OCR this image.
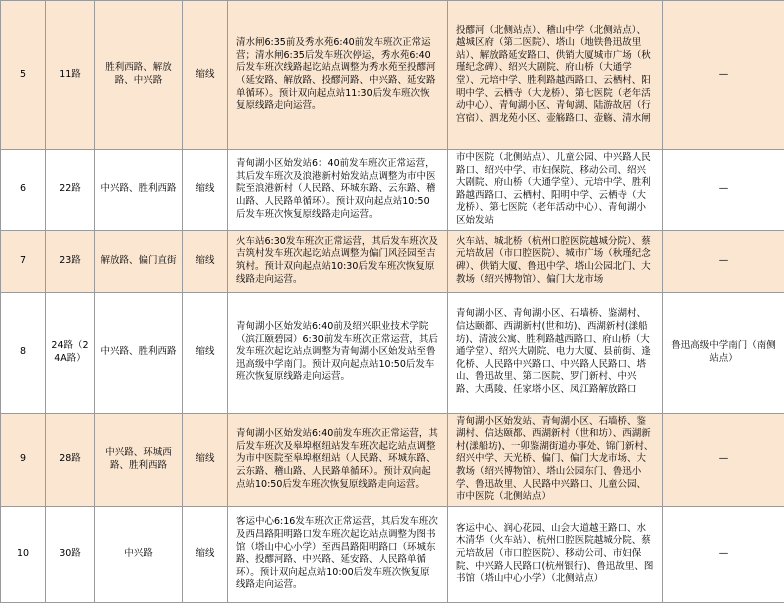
5	11路	胜利西路、解放路、中兴路	缩线	清水闸6:35前及秀水苑6:40前发车班次正常运营；清水闸6:35后发车班次停运，秀水苑6:40后发车班次线路起讫站点调整为秀水苑至投醪河（延安路、解放路、投醪河路、中兴路、延安路单循环）。预计双向起点站11:30后发车班次恢复原线路走向运营。	投醪河（北侧站点）、稽山中学（北侧站点）、越城区府（第二医院）、塔山（地铁鲁迅故里站）、解放路延安路口、供销大厦城市广场（秋瑾纪念碑）、绍兴大剧院、府山桥（大通学堂）、元培中学、胜利路越西路口、云栖村、阳明中学、云栖寺（大龙桥）、第七医院（老年活动中心）、青甸湖小区、青甸湖、陆游故居（行宫宿）、泗龙苑小区、壶觞路口、壶觞、清水闸	—
6	22路	中兴路、胜利西路	缩线	青甸湖小区始发站6：40前发车班次正常运营，其后发车班次及浪港新村始发站点调整为市中医院至浪港新村（人民路、环城东路、云东路、稽山路、人民路单循环）。预计双向起点站10:50后发车班次恢复原线路走向运营。	市中医院（北侧站点）、儿童公园、中兴路人民路口、绍兴中学、市妇保院、移动公司、绍兴大剧院、府山桥（大通学堂）、元培中学、胜利路越西路口、云栖村、阳明中学、云栖寺（大龙桥）、第七医院（老年活动中心）、青甸湖小区始发站	—
7	23路	解放路、偏门直街	缩线	火车站6:30发车班次正常运营，其后发车班次及吉筑村发车班次起讫站点调整为偏门风泾园至吉筑村。预计双向起点站10:30后发车班次恢复原线路走向运营。	火车站、城北桥（杭州口腔医院越城分院）、蔡元培故居（市口腔医院）、城市广场（秋瑾纪念碑）、供销大厦、鲁迅中学、塔山公园北门、大教场（绍兴博物馆）、偏门大龙市场	—
8	24路（24A路）	中兴路、胜利西路	缩线	青甸湖小区始发站6:40前及绍兴职业技术学院（滨江颐碧园）6:30前发车班次正常运营，其后发车班次起讫站点调整为青甸湖小区始发站至鲁迅高级中学南门。预计双向起点站10:50后发车班次恢复原线路走向运营。	青甸湖小区、青甸湖小区、石墙桥、鉴湖村、信达颐都、西湖新村(世和坊)、西湖新村(漾船坊)、清波公寓、胜利路越西路口、府山桥（大通学堂）、绍兴大剧院、电力大厦、县前街、逢化桥、人民路中兴路口、中兴路人民路口、塔山、鲁迅故里、第二医院、罗门新村、中兴路、大禹陵、任家塔小区、凤江路解放路口	鲁迅高级中学南门（南侧站点）
9	28路	中兴路、环城西路、胜利西路	缩线	青甸湖小区始发站6:40前发车班次正常运营，其后发车班次及皋埠枢纽站发车班次起讫站点调整为市中医院至皋埠枢纽站（人民路、环城东路、云东路、稽山路、人民路单循环）。预计双向起点站10:50后发车班次恢复原线路走向运营。	青甸湖小区始发站、青甸湖小区、石墙桥、鉴湖村、信达颐都、西湖新村（世和坊）、西湖新村(漾船坊)、一卯鉴湖街道办事处、锦门新村、绍兴中学、天光桥、偏门、偏门大龙市场、大教场（绍兴博物馆）、塔山公园东门、鲁迅小学、鲁迅故里、人民路中兴路口、儿童公园、市中医院（北侧站点）	—
10	30路	中兴路	缩线	客运中心6:16发车班次正常运营，其后发车班次及西昌路阳明路口发车班次起讫站点调整为图书馆（塔山中心小学）至西昌路阳明路口（环城东路、投醪河路、中兴路、延安路、人民路单循环）。预计双向起点站10:00后发车班次恢复原线路走向运营。	客运中心、润心花园、山会大道越王路口、水木清华（火车站）、杭州口腔医院越城分院、蔡元培故居（市口腔医院）、移动公司、市妇保院、中兴路人民路口(杭州银行)、鲁迅故里、图书馆（塔山中心小学）（北侧站点）	—
